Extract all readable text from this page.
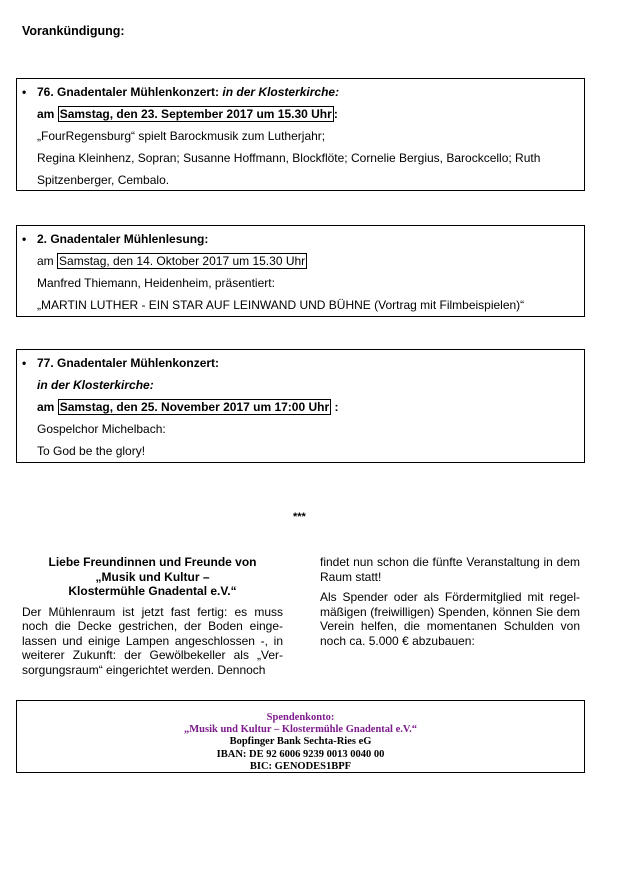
Vorankündigung:
• 76. Gnadentaler Mühlenkonzert: in der Klosterkirche:
am Samstag, den 23. September 2017 um 15.30 Uhr :
„FourRegensburg“ spielt Barockmusik zum Lutherjahr;
Regina Kleinhenz, Sopran; Susanne Hoffmann, Blockflöte; Cornelie Bergius, Barockcello; Ruth
Spitzenberger, Cembalo.
• 2. Gnadentaler Mühlenlesung:
am Samstag, den 14. Oktober 2017 um 15.30 Uhr
Manfred Thiemann, Heidenheim, präsentiert:
„MARTIN LUTHER - EIN STAR AUF LEINWAND UND BÜHNE (Vortrag mit Filmbeispielen)“
• 77. Gnadentaler Mühlenkonzert:
in der Klosterkirche:
am Samstag, den 25. November 2017 um 17:00 Uhr :
Gospelchor Michelbach:
To God be the glory!
***
Liebe Freundinnen und Freunde von
„Musik und Kultur –
Klostermühle Gnadental e.V.“
Der Mühlenraum ist jetzt fast fertig: es muss noch die Decke gestrichen, der Boden einge-lassen und einige Lampen angeschlossen -, in weiterer Zukunft: der Gewölbekeller als „Ver-sorgungsraum“ eingerichtet werden. Dennoch
findet nun schon die fünfte Veranstaltung in dem Raum statt!
Als Spender oder als Fördermitglied mit regel-mäßigen (freiwilligen) Spenden, können Sie dem Verein helfen, die momentanen Schulden von noch ca. 5.000 € abzubauen:
Spendenkonto:
„Musik und Kultur – Klostermühle Gnadental e.V.“
Bopfinger Bank Sechta-Ries eG
IBAN: DE 92 6006 9239 0013 0040 00
BIC: GENODES1BPF
